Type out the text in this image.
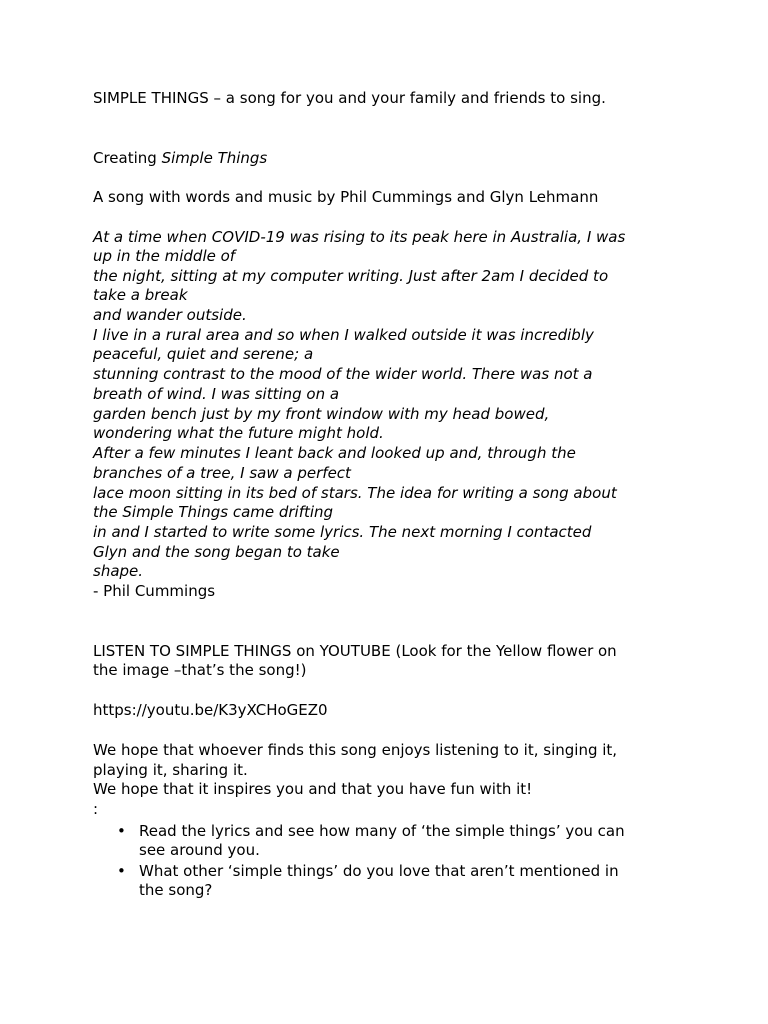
SIMPLE THINGS – a song for you and your family and friends to sing.
Creating Simple Things
A song with words and music by Phil Cummings and Glyn Lehmann
At a time when COVID-19 was rising to its peak here in Australia, I was
up in the middle of
the night, sitting at my computer writing. Just after 2am I decided to
take a break
and wander outside.
I live in a rural area and so when I walked outside it was incredibly
peaceful, quiet and serene; a
stunning contrast to the mood of the wider world. There was not a
breath of wind. I was sitting on a
garden bench just by my front window with my head bowed,
wondering what the future might hold.
After a few minutes I leant back and looked up and, through the
branches of a tree, I saw a perfect
lace moon sitting in its bed of stars. The idea for writing a song about
the Simple Things came drifting
in and I started to write some lyrics. The next morning I contacted
Glyn and the song began to take
shape.
- Phil Cummings
LISTEN TO SIMPLE THINGS on YOUTUBE (Look for the Yellow flower on
the image –that’s the song!)
https://youtu.be/K3yXCHoGEZ0
We hope that whoever finds this song enjoys listening to it, singing it,
playing it, sharing it.
We hope that it inspires you and that you have fun with it!
:
• Read the lyrics and see how many of ‘the simple things’ you can
see around you.
• What other ‘simple things’ do you love that aren’t mentioned in
the song?
